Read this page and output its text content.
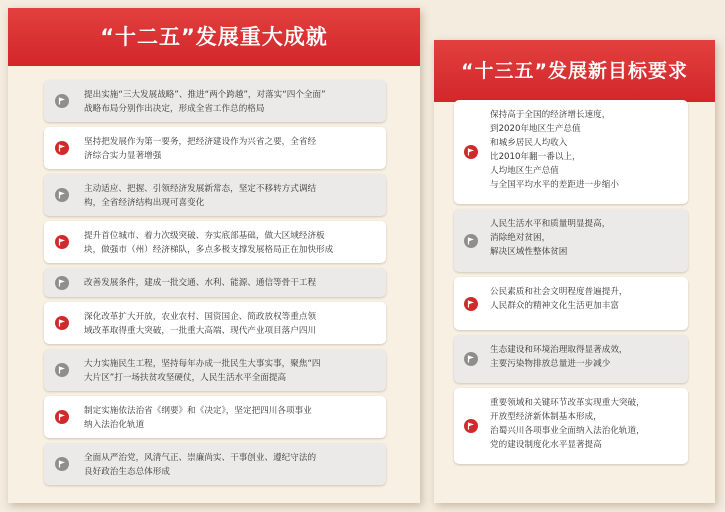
“十二五”发展重大成就
提出实施“三大发展战略”、推进“两个跨越”，对落实“四个全面”
战略布局分别作出决定，形成全省工作总的格局
坚持把发展作为第一要务，把经济建设作为兴省之要，全省经
济综合实力显著增强
主动适应、把握、引领经济发展新常态，坚定不移转方式调结
构，全省经济结构出现可喜变化
提升首位城市、着力次级突破、夯实底部基础，做大区域经济板
块，做强市（州）经济梯队，多点多极支撑发展格局正在加快形成
改善发展条件，建成一批交通、水利、能源、通信等骨干工程
深化改革扩大开放，农业农村、国资国企、简政放权等重点领
域改革取得重大突破，一批重大高端、现代产业项目落户四川
大力实施民生工程，坚持每年办成一批民生大事实事，聚焦“四
大片区”打一场扶贫攻坚硬仗，人民生活水平全面提高
制定实施依法治省《纲要》和《决定》，坚定把四川各项事业
纳入法治化轨道
全面从严治党，风清气正、崇廉尚实、干事创业、遵纪守法的
良好政治生态总体形成
“十三五”发展新目标要求
保持高于全国的经济增长速度，
到2020年地区生产总值
和城乡居民人均收入
比2010年翻一番以上，
人均地区生产总值
与全国平均水平的差距进一步缩小
人民生活水平和质量明显提高，
消除绝对贫困，
解决区域性整体贫困
公民素质和社会文明程度普遍提升，
人民群众的精神文化生活更加丰富
生态建设和环境治理取得显著成效，
主要污染物排放总量进一步减少
重要领域和关键环节改革实现重大突破，
开放型经济新体制基本形成，
治蜀兴川各项事业全面纳入法治化轨道，
党的建设制度化水平显著提高
